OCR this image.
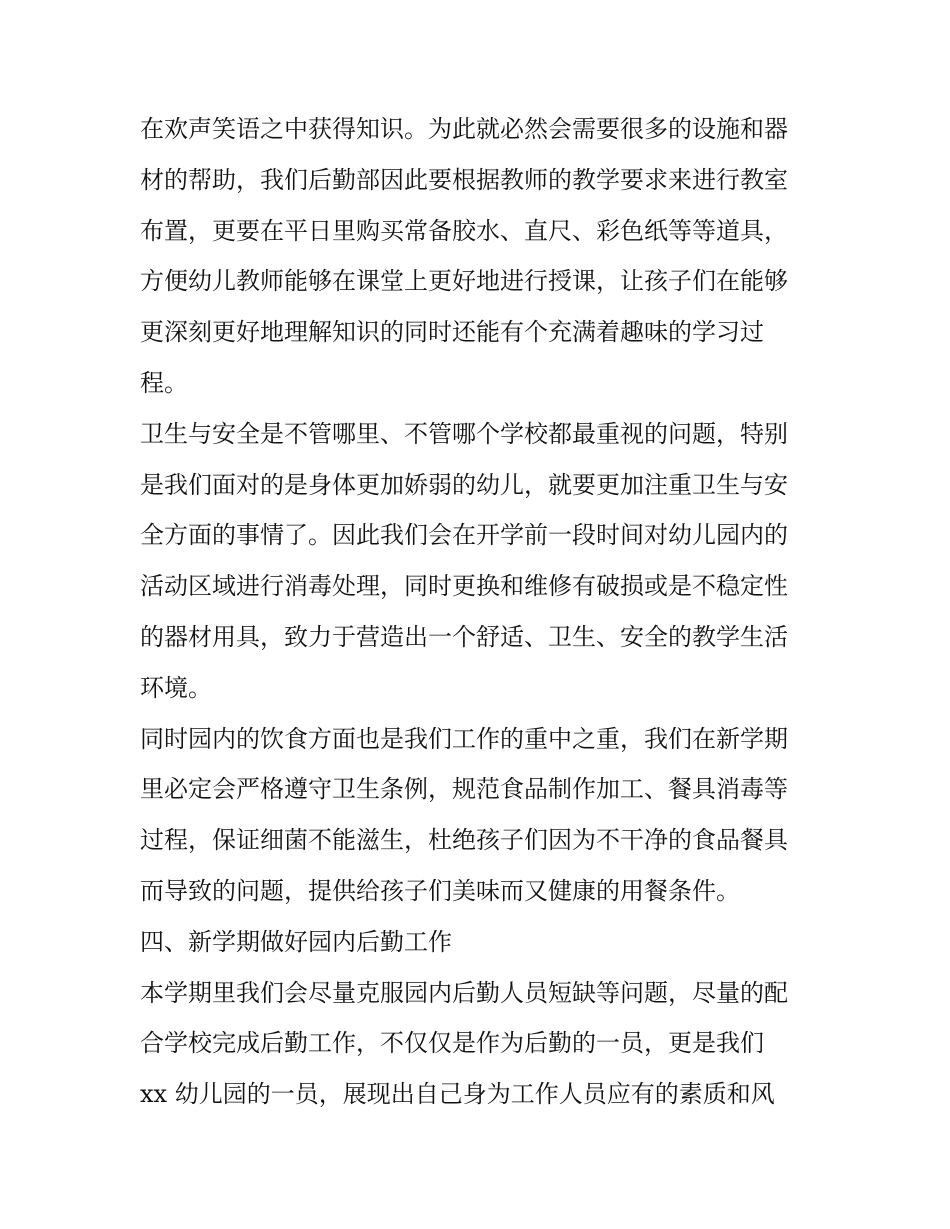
在欢声笑语之中获得知识。为此就必然会需要很多的设施和器

材的帮助，我们后勤部因此要根据教师的教学要求来进行教室

布置，更要在平日里购买常备胶水、直尺、彩色纸等等道具，

方便幼儿教师能够在课堂上更好地进行授课，让孩子们在能够

更深刻更好地理解知识的同时还能有个充满着趣味的学习过

程。

卫生与安全是不管哪里、不管哪个学校都最重视的问题，特别

是我们面对的是身体更加娇弱的幼儿，就要更加注重卫生与安

全方面的事情了。因此我们会在开学前一段时间对幼儿园内的

活动区域进行消毒处理，同时更换和维修有破损或是不稳定性

的器材用具，致力于营造出一个舒适、卫生、安全的教学生活

环境。

同时园内的饮食方面也是我们工作的重中之重，我们在新学期

里必定会严格遵守卫生条例，规范食品制作加工、餐具消毒等

过程，保证细菌不能滋生，杜绝孩子们因为不干净的食品餐具

而导致的问题，提供给孩子们美味而又健康的用餐条件。

四、新学期做好园内后勤工作

本学期里我们会尽量克服园内后勤人员短缺等问题，尽量的配

合学校完成后勤工作，不仅仅是作为后勤的一员，更是我们

xx 幼儿园的一员，展现出自己身为工作人员应有的素质和风
